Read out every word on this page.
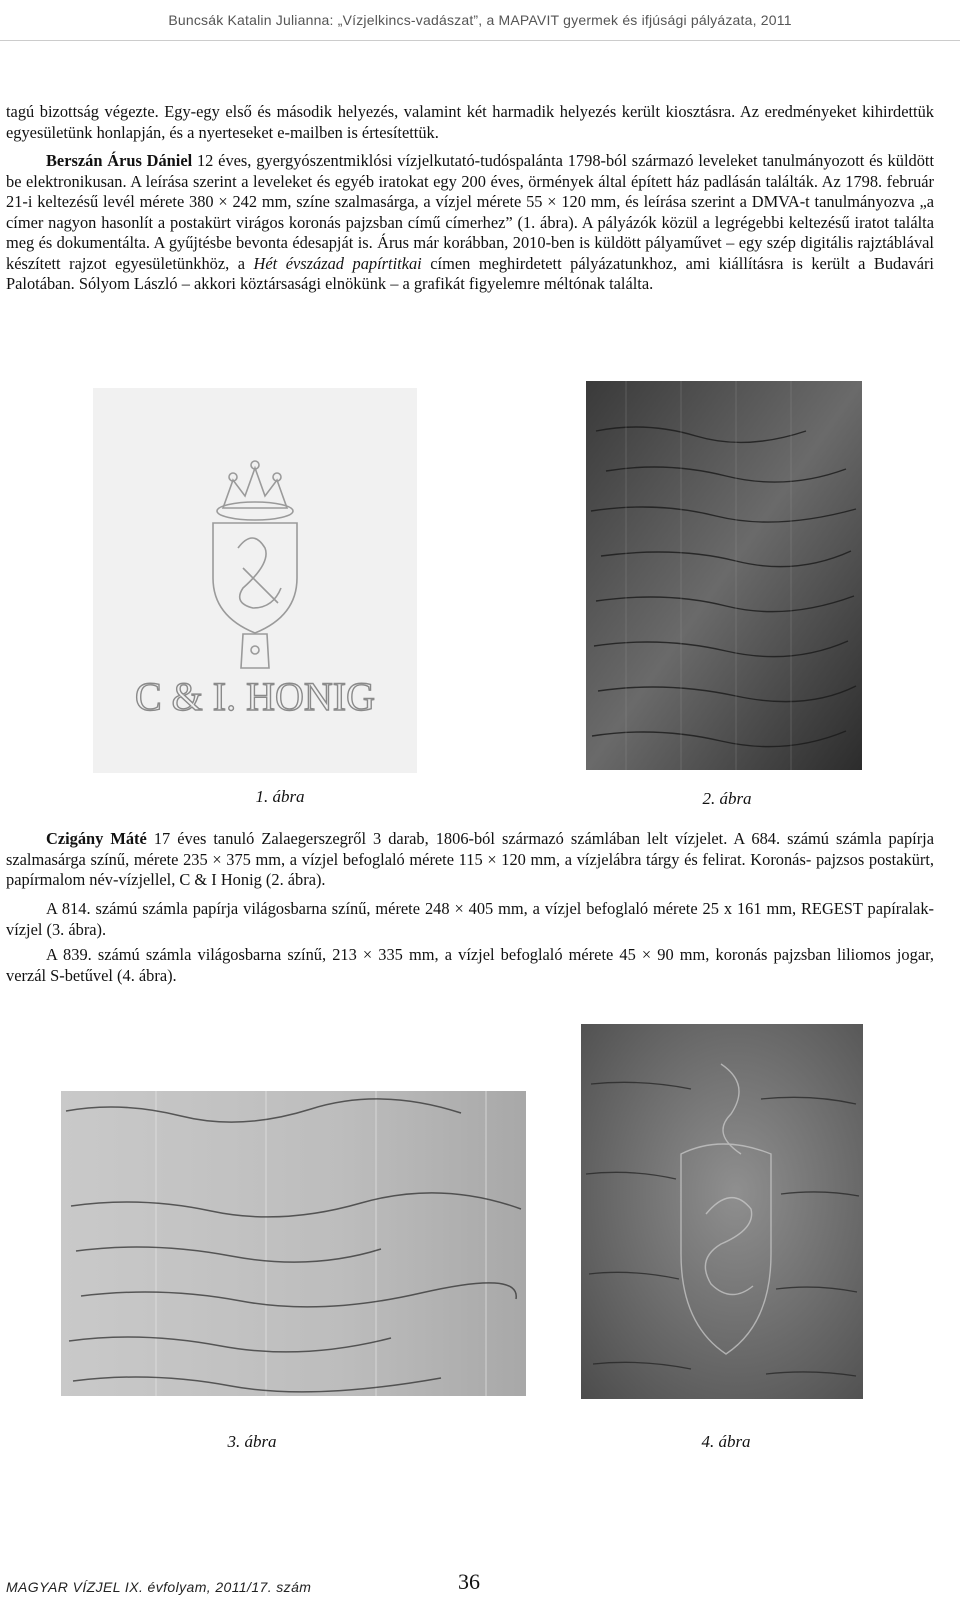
Buncsák Katalin Julianna: „Vízjelkincs-vadászat”, a MAPAVIT gyermek és ifjúsági pályázata, 2011

tagú bizottság végezte. Egy-egy első és második helyezés, valamint két harmadik helyezés került kiosztásra. Az eredményeket kihirdettük egyesületünk honlapján, és a nyerteseket e-mailben is értesítettük.

Berszán Árus Dániel 12 éves, gyergyószentmiklósi vízjelkutató-tudóspalánta 1798-ból származó leveleket tanulmányozott és küldött be elektronikusan. A leírása szerint a leveleket és egyéb iratokat egy 200 éves, örmények által épített ház padlásán találták. Az 1798. február 21-i keltezésű levél mérete 380 × 242 mm, színe szalmasárga, a vízjel mérete 55 × 120 mm, és leírása szerint a DMVA-t tanulmányozva „a címer nagyon hasonlít a postakürt virágos koronás pajzsban című címerhez” (1. ábra). A pályázók közül a legrégebbi keltezésű iratot találta meg és dokumentálta. A gyűjtésbe bevonta édesapját is. Árus már korábban, 2010-ben is küldött pályaművet – egy szép digitális rajztáblával készített rajzot egyesületünkhöz, a Hét évszázad papírtitkai címen meghirdetett pályázatunkhoz, ami kiállításra is került a Budavári Palotában. Sólyom László – akkori köztársasági elnökünk – a grafikát figyelemre méltónak találta.

C & I. HONIG
1. ábra	2. ábra

Czigány Máté 17 éves tanuló Zalaegerszegről 3 darab, 1806-ból származó számlában lelt vízjelet. A 684. számú számla papírja szalmasárga színű, mérete 235 × 375 mm, a vízjel befoglaló mérete 115 × 120 mm, a vízjelábra tárgy és felirat. Koronás- pajzsos postakürt, papírmalom név-vízjellel, C & I Honig (2. ábra).

A 814. számú számla papírja világosbarna színű, mérete 248 × 405 mm, a vízjel befoglaló mérete 25 x 161 mm, REGEST papíralak- vízjel (3. ábra).

A 839. számú számla világosbarna színű, 213 × 335 mm, a vízjel befoglaló mérete 45 × 90 mm, koronás pajzsban liliomos jogar, verzál S-betűvel (4. ábra).

3. ábra	4. ábra
MAGYAR VÍZJEL IX. évfolyam, 2011/17. szám	36
